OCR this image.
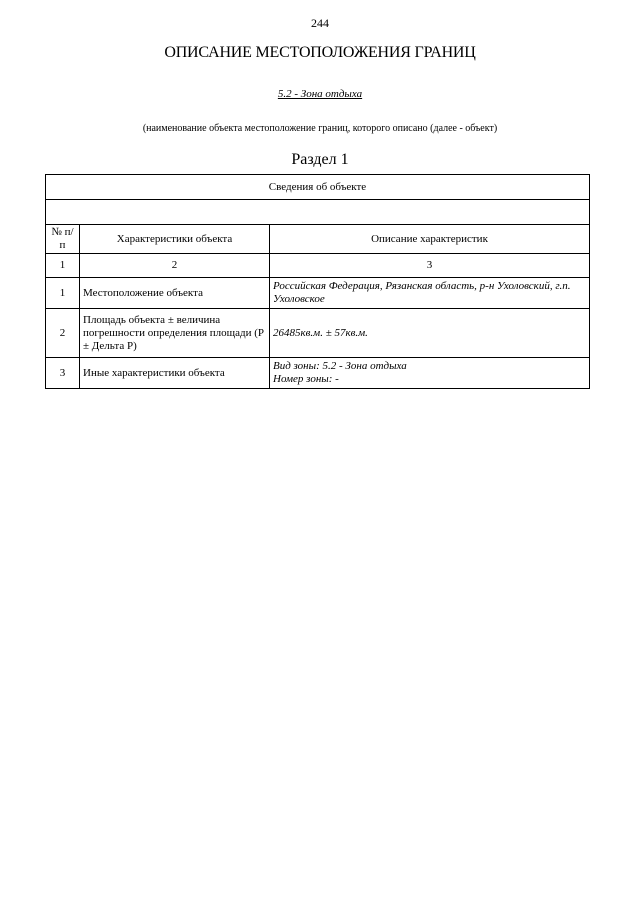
244
ОПИСАНИЕ МЕСТОПОЛОЖЕНИЯ ГРАНИЦ
5.2 - Зона отдыха
(наименование объекта местоположение границ, которого описано (далее - объект)
Раздел 1
Сведения об объекте		

№ п/п	Характеристики объекта	Описание характеристик
1	2	3
1	Местоположение объекта	Российская Федерация, Рязанская область, р-н Ухоловский, г.п. Ухоловское

2	Площадь объекта ± величина погрешности определения площади (P ± Дельта P)	26485кв.м. ± 57кв.м.

3	Иные характеристики объекта	Вид зоны: 5.2 - Зона отдыха
Номер зоны: -
